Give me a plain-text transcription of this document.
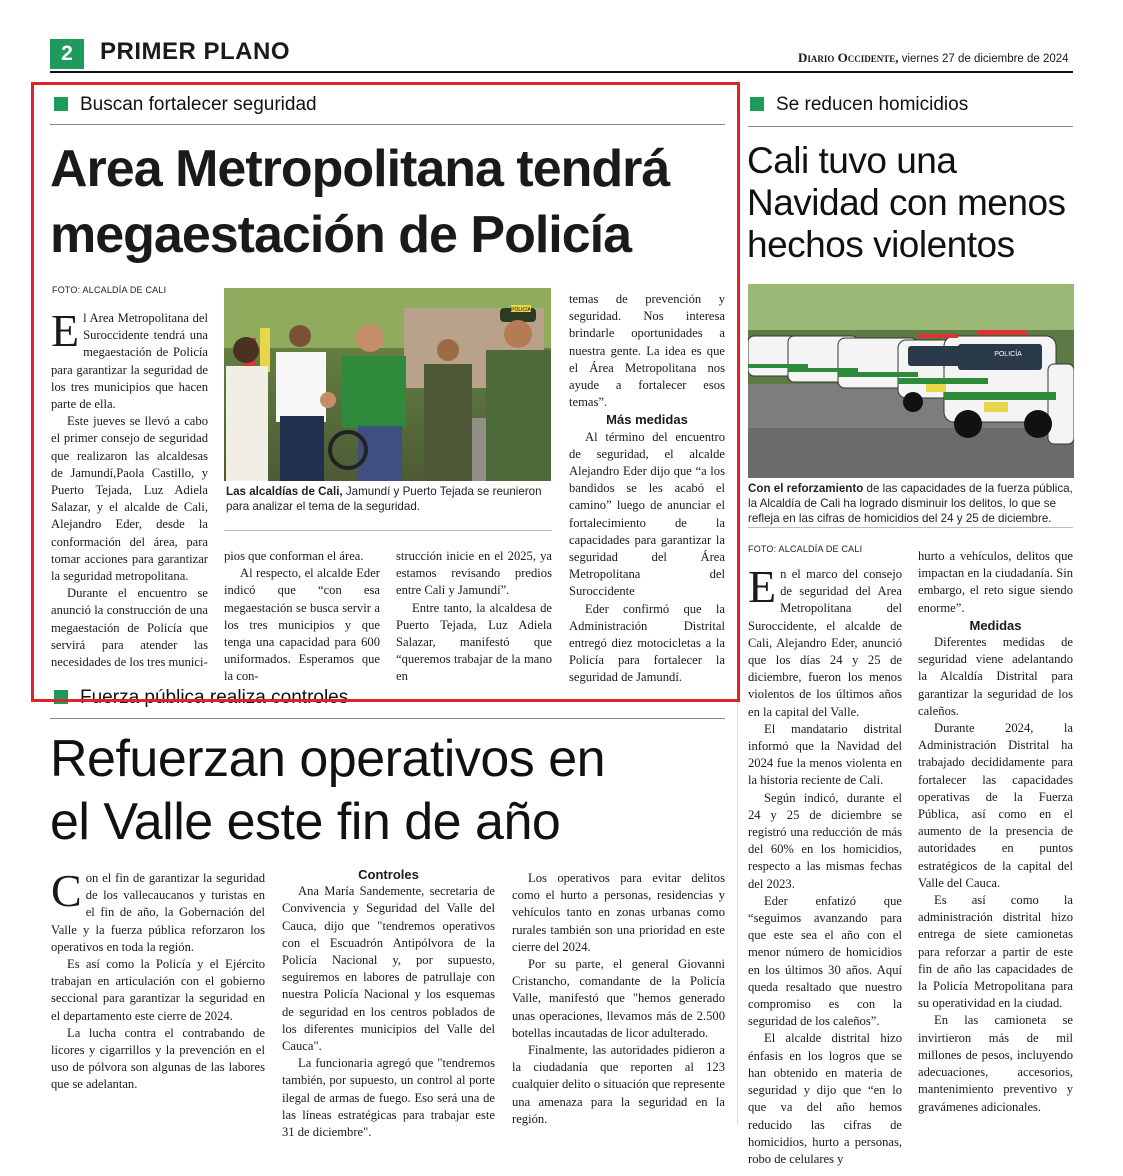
2	PRIMER PLANO	Diario Occidente, viernes 27 de diciembre de 2024
Buscan fortalecer seguridad
Area Metropolitana tendrá
megaestación de Policía
FOTO: ALCALDÍA DE CALI

El Area Metropolitana del Suroccidente tendrá una megaestación de Policía para garantizar la seguridad de los tres municipios que hacen parte de ella.

Este jueves se llevó a cabo el primer consejo de seguridad que realizaron las alcaldesas de Jamundí,Paola Castillo, y Puerto Tejada, Luz Adiela Salazar, y el alcalde de Cali, Alejandro Eder, desde la conformación del área, para tomar acciones para garantizar la seguridad metropolitana.

Durante el encuentro se anunció la construcción de una megaestación de Policía que servirá para atender las necesidades de los tres munici-

POLICÍA
Las alcaldías de Cali, Jamundí y Puerto Tejada se reunieron para analizar el tema de la seguridad.

pios que conforman el área.

Al respecto, el alcalde Eder indicó que “con esa megaestación se busca servir a los tres municipios y que tenga una capacidad para 600 uniformados. Esperamos que la con-

strucción inicie en el 2025, ya estamos revisando predios entre Cali y Jamundí”.

Entre tanto, la alcaldesa de Puerto Tejada, Luz Adiela Salazar, manifestó que “queremos trabajar de la mano en

temas de prevención y seguridad. Nos interesa brindarle oportunidades a nuestra gente. La idea es que el Área Metropolitana nos ayude a fortalecer esos temas”.

Más medidas

Al término del encuentro de seguridad, el alcalde Alejandro Eder dijo que “a los bandidos se les acabó el camino” luego de anunciar el fortalecimiento de la capacidades para garantizar la seguridad del Área Metropolitana del Suroccidente

Eder confirmó que la Administración Distrital entregó diez motocicletas a la Policía para fortalecer la seguridad de Jamundí.

Se reducen homicidios
Cali tuvo una
Navidad con menos
hechos violentos
POLICÍA
Con el reforzamiento de las capacidades de la fuerza pública, la Alcaldía de Cali ha logrado disminuir los delitos, lo que se refleja en las cifras de homicidios del 24 y 25 de diciembre.
FOTO: ALCALDÍA DE CALI

En el marco del consejo de seguridad del Area Metropolitana del Suroccidente, el alcalde de Cali, Alejandro Eder, anunció que los días 24 y 25 de diciembre, fueron los menos violentos de los últimos años en la capital del Valle.

El mandatario distrital informó que la Navidad del 2024 fue la menos violenta en la historia reciente de Cali.

Según indicó, durante el 24 y 25 de diciembre se registró una reducción de más del 60% en los homicidios, respecto a las mismas fechas del 2023.

Eder enfatizó que “seguimos avanzando para que este sea el año con el menor número de homicidios en los últimos 30 años. Aquí queda resaltado que nuestro compromiso es con la seguridad de los caleños”.

El alcalde distrital hizo énfasis en los logros que se han obtenido en materia de seguridad y dijo que “en lo que va del año hemos reducido las cifras de homicidios, hurto a personas, robo de celulares y

hurto a vehículos, delitos que impactan en la ciudadanía. Sin embargo, el reto sigue siendo enorme”.

Medidas

Diferentes medidas de seguridad viene adelantando la Alcaldía Distrital para garantizar la seguridad de los caleños.

Durante 2024, la Administración Distrital ha trabajado decididamente para fortalecer las capacidades operativas de la Fuerza Pública, así como en el aumento de la presencia de autoridades en puntos estratégicos de la capital del Valle del Cauca.

Es así como la administración distrital hizo entrega de siete camionetas para reforzar a partir de este fin de año las capacidades de la Policía Metropolitana para su operatividad en la ciudad.

En las camioneta se invirtieron más de mil millones de pesos, incluyendo adecuaciones, accesorios, mantenimiento preventivo y gravámenes adicionales.

Fuerza pública realiza controles
Refuerzan operativos en
el Valle este fin de año

Con el fin de garantizar la seguridad de los vallecaucanos y turistas en el fin de año, la Gobernación del Valle y la fuerza pública reforzaron los operativos en toda la región.

Es así como la Policía y el Ejército trabajan en articulación con el gobierno seccional para garantizar la seguridad en el departamento este cierre de 2024.

La lucha contra el contrabando de licores y cigarrillos y la prevención en el uso de pólvora son algunas de las labores que se adelantan.

Controles

Ana María Sandemente, secretaria de Convivencia y Seguridad del Valle del Cauca, dijo que "tendremos operativos con el Escuadrón Antipólvora de la Policía Nacional y, por supuesto, seguiremos en labores de patrullaje con nuestra Policía Nacional y los esquemas de seguridad en los centros poblados de los diferentes municipios del Valle del Cauca".

La funcionaria agregó que "tendremos también, por supuesto, un control al porte ilegal de armas de fuego. Eso será una de las líneas estratégicas para trabajar este 31 de diciembre".

Los operativos para evitar delitos como el hurto a personas, residencias y vehículos tanto en zonas urbanas como rurales también son una prioridad en este cierre del 2024.

Por su parte, el general Giovanni Cristancho, comandante de la Policía Valle, manifestó que "hemos generado unas operaciones, llevamos más de 2.500 botellas incautadas de licor adulterado.

Finalmente, las autoridades pidieron a la ciudadanía que reporten al 123 cualquier delito o situación que represente una amenaza para la seguridad en la región.
